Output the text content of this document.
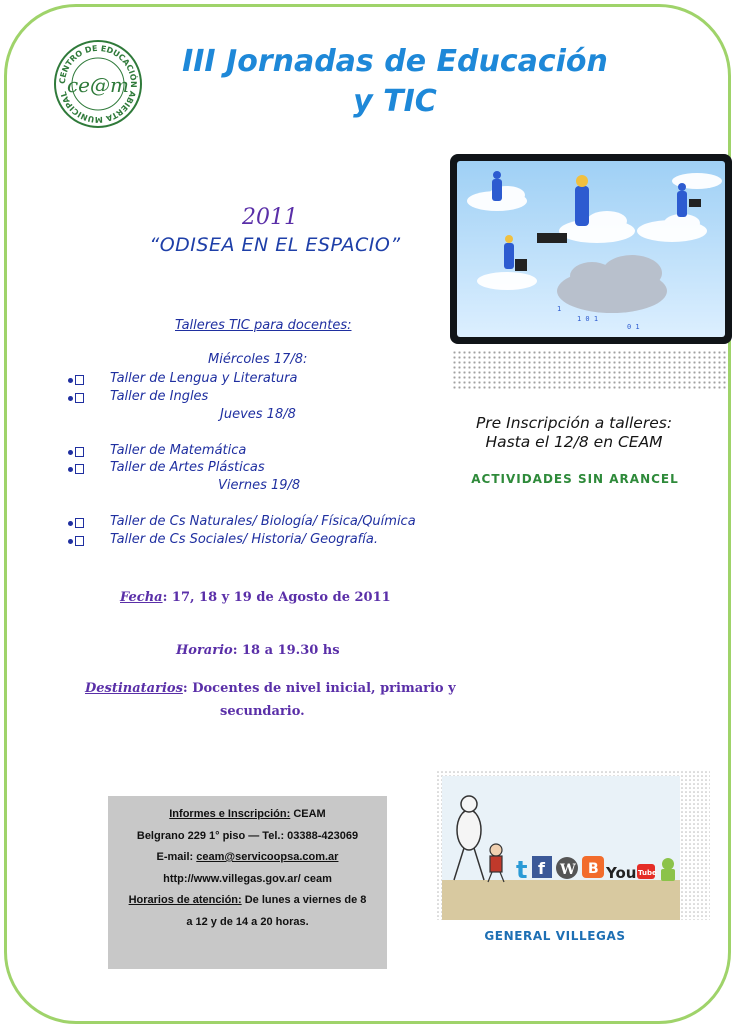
CENTRO DE EDUCACIÓN ABIERTA MUNICIPAL
ce@m
III Jornadas de Educación
y TIC
2011
“ODISEA EN EL ESPACIO”
Talleres TIC para docentes:
Miércoles 17/8:
Taller de Lengua y Literatura
Taller de Ingles
Jueves 18/8
Taller de Matemática
Taller de Artes Plásticas
Viernes 19/8
Taller de Cs Naturales/ Biología/ Física/Química
Taller de Cs Sociales/ Historia/ Geografía.
Fecha: 17, 18 y 19 de Agosto de 2011
Horario: 18 a 19.30 hs
Destinatarios: Docentes de nivel inicial, primario y
secundario.
1 0 1
0 1
1
Pre Inscripción a talleres:
Hasta el 12/8 en CEAM
ACTIVIDADES SIN ARANCEL
Informes e Inscripción: CEAM
Belgrano 229 1° piso — Tel.: 03388-423069
E-mail: ceam@servicoopsa.com.ar
http://www.villegas.gov.ar/ ceam
Horarios de atención: De lunes a viernes de 8
a 12 y de 14 a 20 horas.
t f W B You Tube
GENERAL VILLEGAS
